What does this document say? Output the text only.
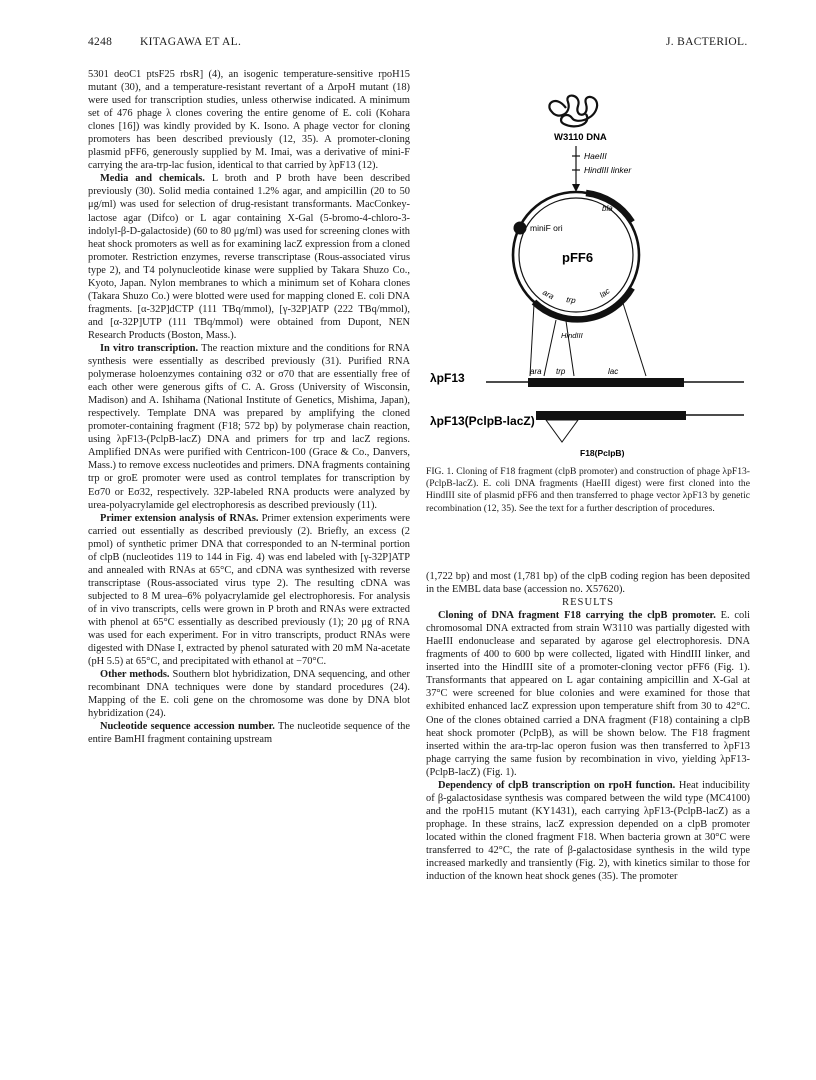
4248 KITAGAWA ET AL.	J. BACTERIOL.

5301 deoC1 ptsF25 rbsR] (4), an isogenic temperature-sensitive rpoH15 mutant (30), and a temperature-resistant revertant of a ΔrpoH mutant (18) were used for transcription studies, unless otherwise indicated. A minimum set of 476 phage λ clones covering the entire genome of E. coli (Kohara clones [16]) was kindly provided by K. Isono. A phage vector for cloning promoters has been described previously (12, 35). A promoter-cloning plasmid pFF6, generously supplied by M. Imai, was a derivative of mini-F carrying the ara-trp-lac fusion, identical to that carried by λpF13 (12).

Media and chemicals. L broth and P broth have been described previously (30). Solid media contained 1.2% agar, and ampicillin (20 to 50 μg/ml) was used for selection of drug-resistant transformants. MacConkey-lactose agar (Difco) or L agar containing X-Gal (5-bromo-4-chloro-3-indolyl-β-D-galactoside) (60 to 80 μg/ml) was used for screening clones with heat shock promoters as well as for examining lacZ expression from a cloned promoter. Restriction enzymes, reverse transcriptase (Rous-associated virus type 2), and T4 polynucleotide kinase were supplied by Takara Shuzo Co., Kyoto, Japan. Nylon membranes to which a minimum set of Kohara clones (Takara Shuzo Co.) were blotted were used for mapping cloned E. coli DNA fragments. [α-32P]dCTP (111 TBq/mmol), [γ-32P]ATP (222 TBq/mmol), and [α-32P]UTP (111 TBq/mmol) were obtained from Dupont, NEN Research Products (Boston, Mass.).

In vitro transcription. The reaction mixture and the conditions for RNA synthesis were essentially as described previously (31). Purified RNA polymerase holoenzymes containing σ32 or σ70 that are essentially free of each other were generous gifts of C. A. Gross (University of Wisconsin, Madison) and A. Ishihama (National Institute of Genetics, Mishima, Japan), respectively. Template DNA was prepared by amplifying the cloned promoter-containing fragment (F18; 572 bp) by polymerase chain reaction, using λpF13-(PclpB-lacZ) DNA and primers for trp and lacZ regions. Amplified DNAs were purified with Centricon-100 (Grace & Co., Danvers, Mass.) to remove excess nucleotides and primers. DNA fragments containing trp or groE promoter were used as control templates for transcription by Eσ70 or Eσ32, respectively. 32P-labeled RNA products were analyzed by urea-polyacrylamide gel electrophoresis as described previously (11).

Primer extension analysis of RNAs. Primer extension experiments were carried out essentially as described previously (2). Briefly, an excess (2 pmol) of synthetic primer DNA that corresponded to an N-terminal portion of clpB (nucleotides 119 to 144 in Fig. 4) was end labeled with [γ-32P]ATP and annealed with RNAs at 65°C, and cDNA was synthesized with reverse transcriptase (Rous-associated virus type 2). The resulting cDNA was subjected to 8 M urea–6% polyacrylamide gel electrophoresis. For analysis of in vivo transcripts, cells were grown in P broth and RNAs were extracted with phenol at 65°C essentially as described previously (1); 20 μg of RNA was used for each experiment. For in vitro transcripts, product RNAs were digested with DNase I, extracted by phenol saturated with 20 mM Na-acetate (pH 5.5) at 65°C, and precipitated with ethanol at −70°C.

Other methods. Southern blot hybridization, DNA sequencing, and other recombinant DNA techniques were done by standard procedures (24). Mapping of the E. coli gene on the chromosome was done by DNA blot hybridization (24).

Nucleotide sequence accession number. The nucleotide sequence of the entire BamHI fragment containing upstream

W3110 DNA
HaeIII
HindIII linker
bla
miniF ori
pFF6
ara trp
lac
HindIII
λpF13	ara trp	lac
λpF13(PclpB-lacZ)
F18(PclpB)
FIG. 1. Cloning of F18 fragment (clpB promoter) and construction of phage λpF13-(PclpB-lacZ). E. coli DNA fragments (HaeIII digest) were first cloned into the HindIII site of plasmid pFF6 and then transferred to phage vector λpF13 by genetic recombination (12, 35). See the text for a further description of procedures.

(1,722 bp) and most (1,781 bp) of the clpB coding region has been deposited in the EMBL data base (accession no. X57620).

RESULTS

Cloning of DNA fragment F18 carrying the clpB promoter. E. coli chromosomal DNA extracted from strain W3110 was partially digested with HaeIII endonuclease and separated by agarose gel electrophoresis. DNA fragments of 400 to 600 bp were collected, ligated with HindIII linker, and inserted into the HindIII site of a promoter-cloning vector pFF6 (Fig. 1). Transformants that appeared on L agar containing ampicillin and X-Gal at 37°C were screened for blue colonies and were examined for those that exhibited enhanced lacZ expression upon temperature shift from 30 to 42°C. One of the clones obtained carried a DNA fragment (F18) containing a clpB heat shock promoter (PclpB), as will be shown below. The F18 fragment inserted within the ara-trp-lac operon fusion was then transferred to λpF13 phage carrying the same fusion by recombination in vivo, yielding λpF13-(PclpB-lacZ) (Fig. 1).

Dependency of clpB transcription on rpoH function. Heat inducibility of β-galactosidase synthesis was compared between the wild type (MC4100) and the rpoH15 mutant (KY1431), each carrying λpF13-(PclpB-lacZ) as a prophage. In these strains, lacZ expression depended on a clpB promoter located within the cloned fragment F18. When bacteria grown at 30°C were transferred to 42°C, the rate of β-galactosidase synthesis in the wild type increased markedly and transiently (Fig. 2), with kinetics similar to those for induction of the known heat shock genes (35). The promoter
